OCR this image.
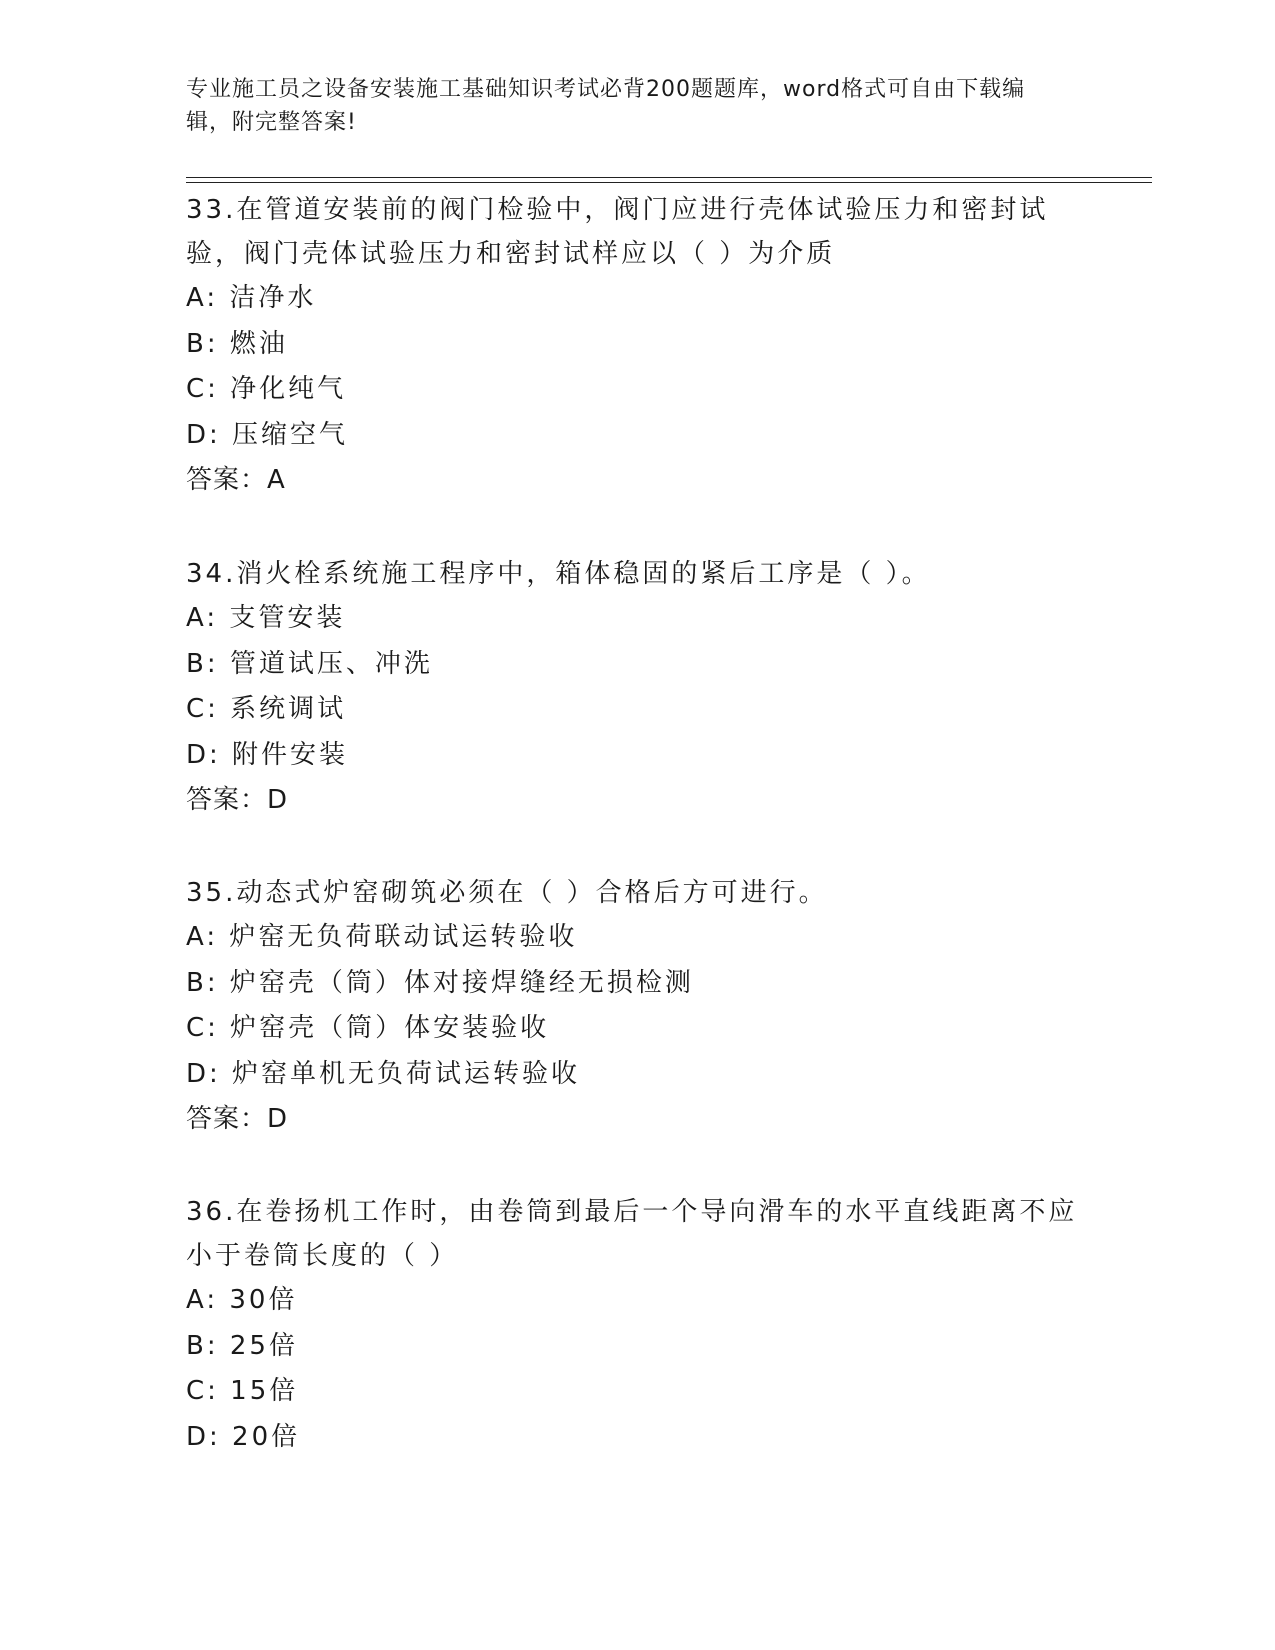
专业施工员之设备安装施工基础知识考试必背200题题库，word格式可自由下载编辑，附完整答案!
33.在管道安装前的阀门检验中，阀门应进行壳体试验压力和密封试验，阀门壳体试验压力和密封试样应以（ ）为介质
A: 洁净水
B: 燃油
C: 净化纯气
D: 压缩空气
答案：A
34.消火栓系统施工程序中，箱体稳固的紧后工序是（ ）。
A: 支管安装
B: 管道试压、冲洗
C: 系统调试
D: 附件安装
答案：D
35.动态式炉窑砌筑必须在（ ）合格后方可进行。
A: 炉窑无负荷联动试运转验收
B: 炉窑壳（筒）体对接焊缝经无损检测
C: 炉窑壳（筒）体安装验收
D: 炉窑单机无负荷试运转验收
答案：D
36.在卷扬机工作时，由卷筒到最后一个导向滑车的水平直线距离不应小于卷筒长度的（ ）
A: 30倍
B: 25倍
C: 15倍
D: 20倍
